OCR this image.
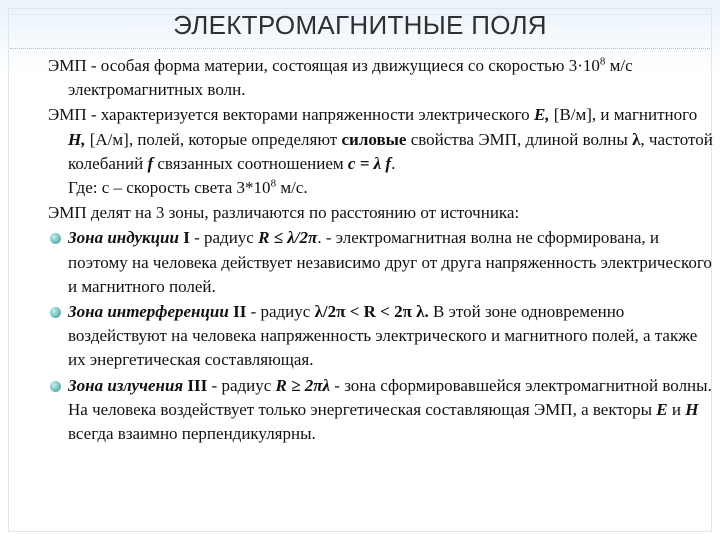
ЭЛЕКТРОМАГНИТНЫЕ ПОЛЯ

ЭМП - особая форма материи, состоящая из движущиеся со скоростью $3\cdot 10^8$ м/с электромагнитных волн.

ЭМП - характеризуется векторами напряженности электрического Е, [В/м], и магнитного Н, [А/м], полей, которые определяют силовые свойства ЭМП, длиной волны λ, частотой колебаний f связанных соотношением с = λ f.
Где: с – скорость света $3*10^8$ м/с.

ЭМП делят на 3 зоны, различаются по расстоянию от источника:

Зона индукции I - радиус R ≤ λ/2π. - электромагнитная волна не сформирована, и поэтому на человека действует независимо друг от друга напряженность электрического и магнитного полей.
Зона интерференции II - радиус λ/2π < R < 2π λ. В этой зоне одновременно воздействуют на человека напряженность электрического и магнитного полей, а также их энергетическая составляющая.
Зона излучения III - радиус R ≥ 2πλ - зона сформировавшейся электромагнитной волны. На человека воздействует только энергетическая составляющая ЭМП, а векторы Е и Н всегда взаимно перпендикулярны.
